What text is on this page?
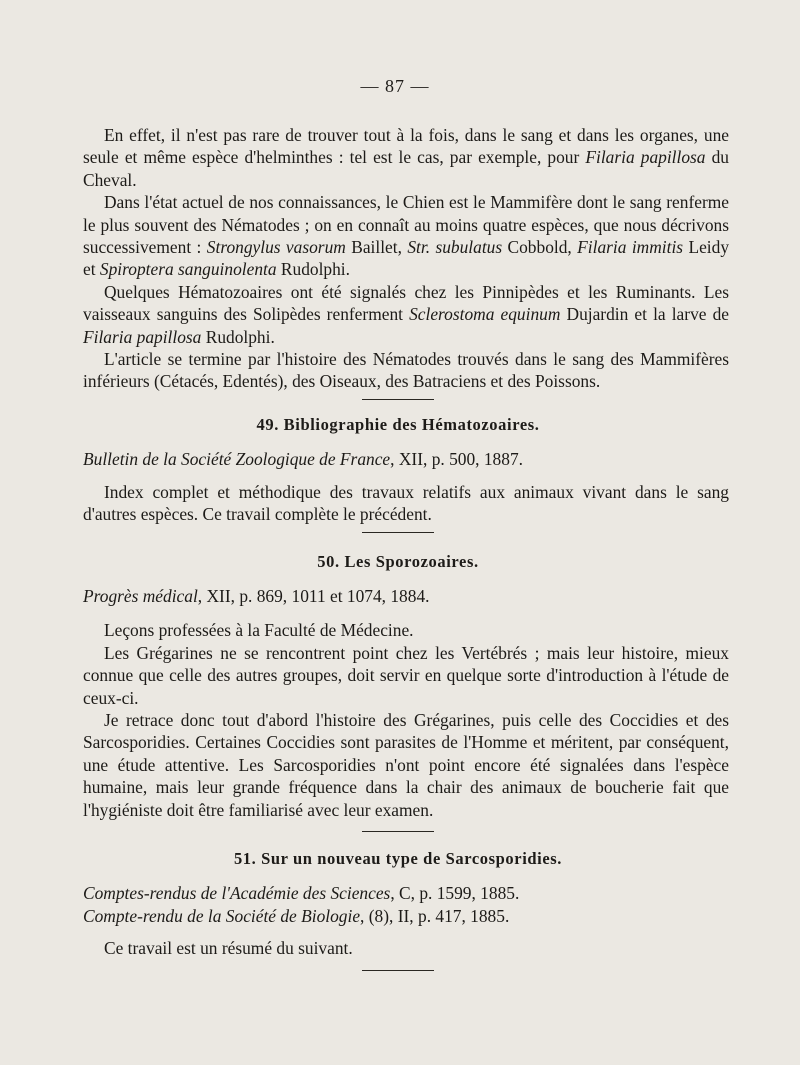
— 87 —

En effet, il n'est pas rare de trouver tout à la fois, dans le sang et dans les organes, une seule et même espèce d'helminthes : tel est le cas, par exemple, pour Filaria papillosa du Cheval.

Dans l'état actuel de nos connaissances, le Chien est le Mammifère dont le sang renferme le plus souvent des Nématodes ; on en connaît au moins quatre espèces, que nous décrivons successivement : Strongylus vasorum Baillet, Str. subulatus Cobbold, Filaria immitis Leidy et Spiroptera sanguinolenta Rudolphi.

Quelques Hématozoaires ont été signalés chez les Pinnipèdes et les Ruminants. Les vaisseaux sanguins des Solipèdes renferment Sclerostoma equinum Dujardin et la larve de Filaria papillosa Rudolphi.

L'article se termine par l'histoire des Nématodes trouvés dans le sang des Mammifères inférieurs (Cétacés, Edentés), des Oiseaux, des Batraciens et des Poissons.

49. Bibliographie des Hématozoaires.

Bulletin de la Société Zoologique de France, XII, p. 500, 1887.

Index complet et méthodique des travaux relatifs aux animaux vivant dans le sang d'autres espèces. Ce travail complète le précédent.

50. Les Sporozoaires.

Progrès médical, XII, p. 869, 1011 et 1074, 1884.

Leçons professées à la Faculté de Médecine.

Les Grégarines ne se rencontrent point chez les Vertébrés ; mais leur histoire, mieux connue que celle des autres groupes, doit servir en quelque sorte d'introduction à l'étude de ceux-ci.

Je retrace donc tout d'abord l'histoire des Grégarines, puis celle des Coccidies et des Sarcosporidies. Certaines Coccidies sont parasites de l'Homme et méritent, par conséquent, une étude attentive. Les Sarcosporidies n'ont point encore été signalées dans l'espèce humaine, mais leur grande fréquence dans la chair des animaux de boucherie fait que l'hygiéniste doit être familiarisé avec leur examen.

51. Sur un nouveau type de Sarcosporidies.

Comptes-rendus de l'Académie des Sciences, C, p. 1599, 1885.

Compte-rendu de la Société de Biologie, (8), II, p. 417, 1885.

Ce travail est un résumé du suivant.
